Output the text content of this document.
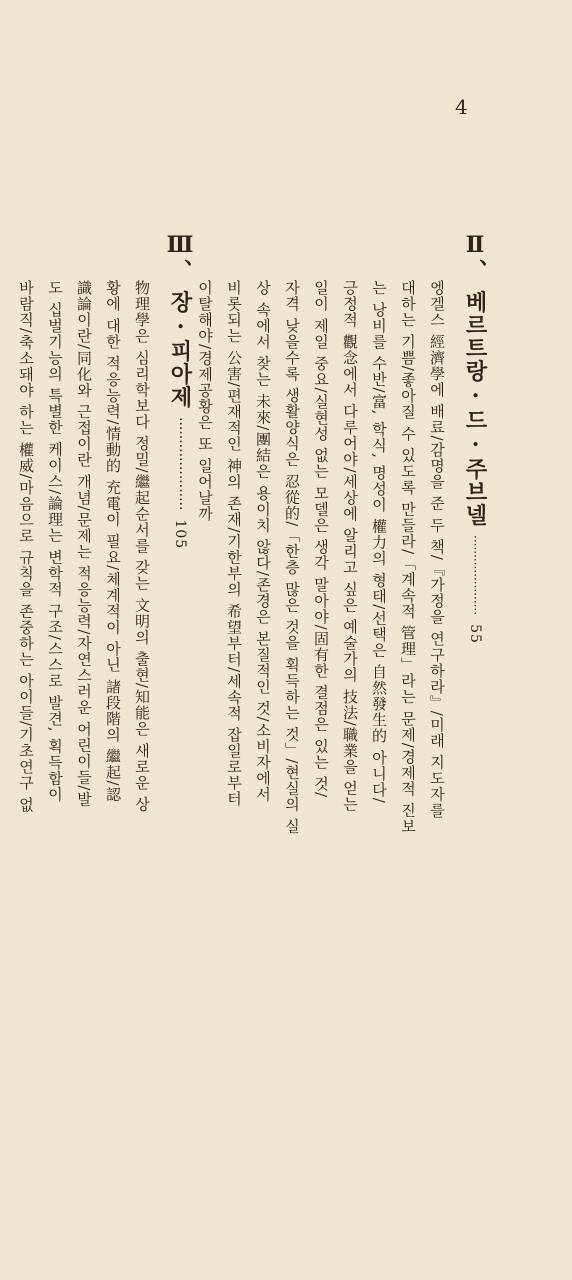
4
Ⅱ、 베르트랑 · 드 · 주브넬 ····················· 55
엥겔스 經濟學에 배료/감명을 준 두 책/『가정을 연구하라』/미래 지도자를
대하는 기쁨/좋아질 수 있도록 만들라/「계속적 管理」라는 문제/경제적 진보
는 낭비를 수반/富, 학식, 명성이 權力의 형태/선택은 自然發生的 아니다/
긍정적 觀念에서 다루어야/세상에 알리고 싶은 예술가의 技法/職業을 얻는
일이 제일 중요/실현성 없는 모델은 생각 말아야/固有한 결점은 있는 것/
자격 낮을수록 생활양식은 忍從的/「한층 많은 것을 획득하는 것」/현실의 실
상 속에서 찾는 未來/團結은 용이치 않다/존경은 본질적인 것/소비자에서
비롯되는 公害/편재적인 神의 존재/기한부의 希望부터/세속적 잡일로부터
이탈해야/경제공황은 또 일어날까
Ⅲ、 장 · 피아제 ····················· 105
物理學은 심리학보다 정밀/繼起순서를 갖는 文明의 출현/知能은 새로운 상
황에 대한 적응능력/情動的 充電이 필요/체계적이 아닌 諸段階의 繼起/認
識論이란/同化와 근접이란 개념/문제는 적응능력/자연스러운 어린이들/발
도 십벌기능의 특별한 케이스/論理는 변학적 구조/스스로 발견, 획득함이
바람직/축소돼야 하는 權威/마음으로 규칙을 존중하는 아이들/기초연구 없
